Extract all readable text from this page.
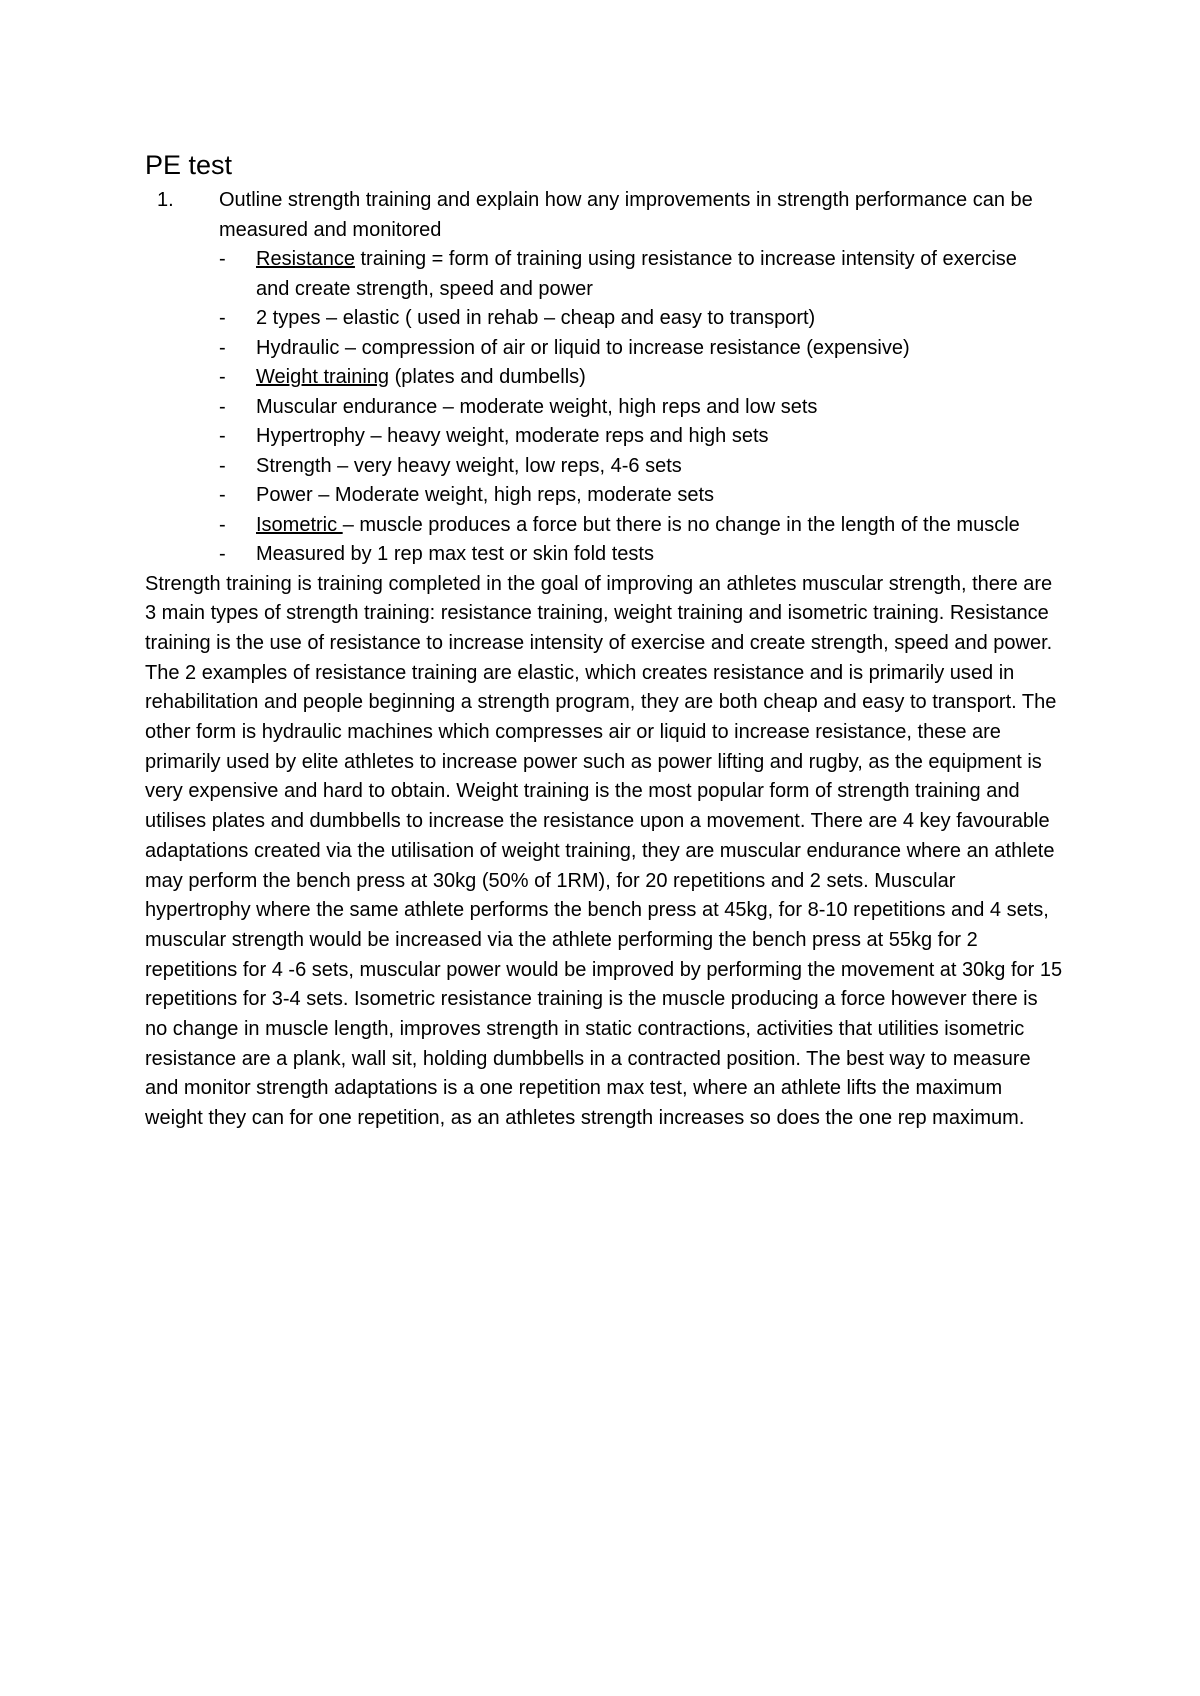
PE test
1.	Outline strength training and explain how any improvements in strength performance can be measured and monitored
-	Resistance training = form of training using resistance to increase intensity of exercise and create strength, speed and power
-	2 types – elastic ( used in rehab – cheap and easy to transport)
-	Hydraulic – compression of air or liquid to increase resistance (expensive)
-	Weight training (plates and dumbells)
-	Muscular endurance – moderate weight, high reps and low sets
-	Hypertrophy – heavy weight, moderate reps and high sets
-	Strength – very heavy weight, low reps, 4-6 sets
-	Power – Moderate weight, high reps, moderate sets
-	Isometric – muscle produces a force but there is no change in the length of the muscle
-	Measured by 1 rep max test or skin fold tests

Strength training is training completed in the goal of improving an athletes muscular strength, there are 3 main types of strength training: resistance training, weight training and isometric training. Resistance training is the use of resistance to increase intensity of exercise and create strength, speed and power. The 2 examples of resistance training are elastic, which creates resistance and is primarily used in rehabilitation and people beginning a strength program, they are both cheap and easy to transport. The other form is hydraulic machines which compresses air or liquid to increase resistance, these are primarily used by elite athletes to increase power such as power lifting and rugby, as the equipment is very expensive and hard to obtain. Weight training is the most popular form of strength training and utilises plates and dumbbells to increase the resistance upon a movement. There are 4 key favourable adaptations created via the utilisation of weight training, they are muscular endurance where an athlete may perform the bench press at 30kg (50% of 1RM), for 20 repetitions and 2 sets. Muscular hypertrophy where the same athlete performs the bench press at 45kg, for 8-10 repetitions and 4 sets, muscular strength would be increased via the athlete performing the bench press at 55kg for 2 repetitions for 4 -6 sets, muscular power would be improved by performing the movement at 30kg for 15 repetitions for 3-4 sets. Isometric resistance training is the muscle producing a force however there is no change in muscle length, improves strength in static contractions, activities that utilities isometric resistance are a plank, wall sit, holding dumbbells in a contracted position. The best way to measure and monitor strength adaptations is a one repetition max test, where an athlete lifts the maximum weight they can for one repetition, as an athletes strength increases so does the one rep maximum.
